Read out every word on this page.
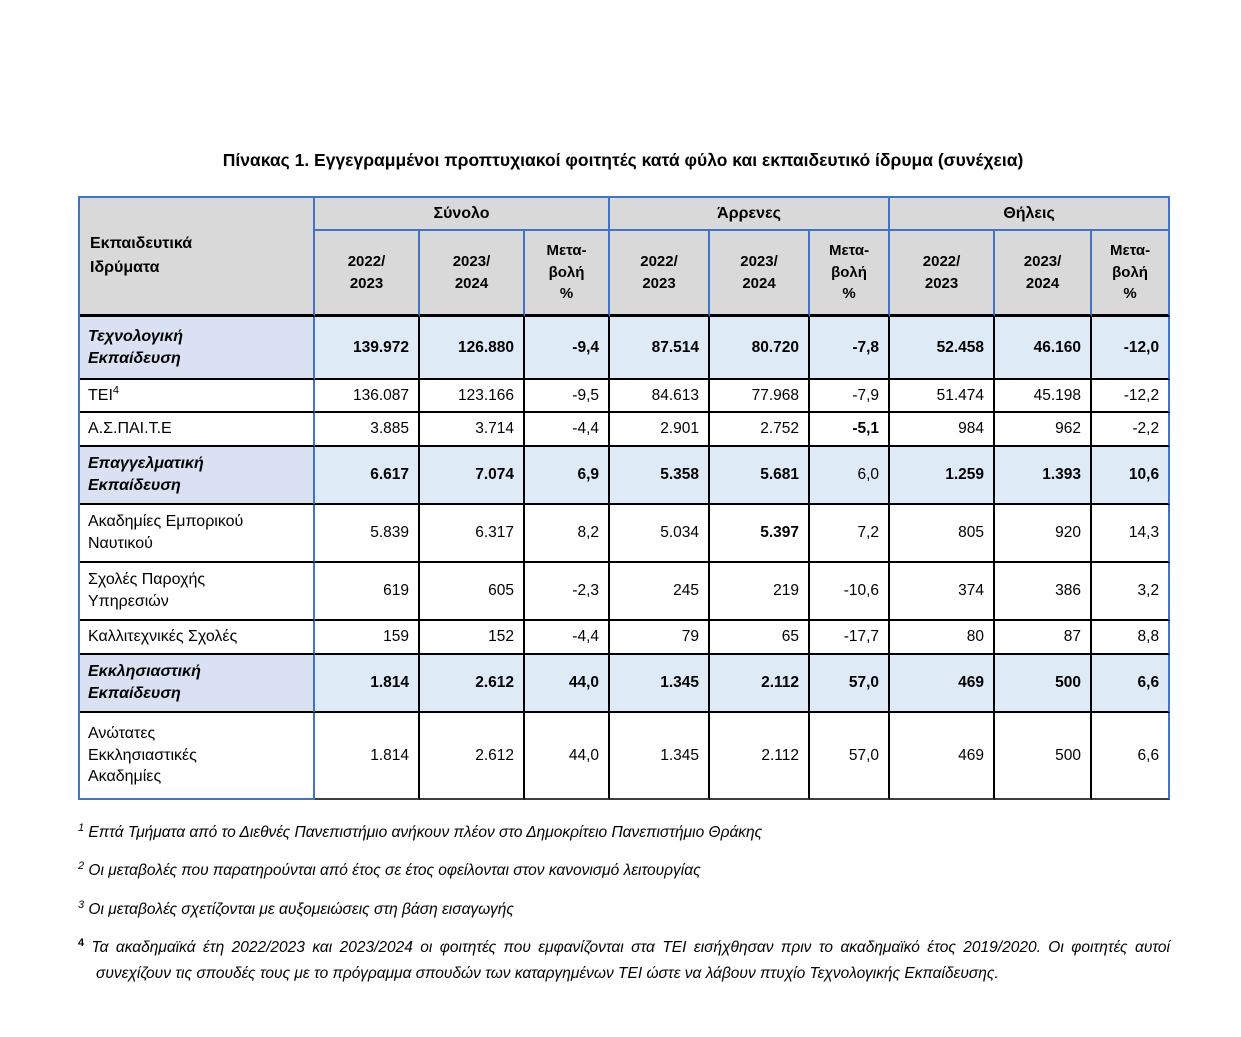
Πίνακας 1. Εγγεγραμμένοι προπτυχιακοί φοιτητές κατά φύλο και εκπαιδευτικό ίδρυμα (συνέχεια)
Εκπαιδευτικά
Ιδρύματα	Σύνολο			Άρρενες			Θήλεις		
	2022/
2023	2023/
2024	Μετα-
βολή
%	2022/
2023	2023/
2024	Μετα-
βολή
%	2022/
2023	2023/
2024	Μετα-
βολή
%
Τεχνολογική
Εκπαίδευση	139.972	126.880	-9,4	87.514	80.720	-7,8	52.458	46.160	-12,0
ΤΕΙ$^4$	136.087	123.166	-9,5	84.613	77.968	-7,9	51.474	45.198	-12,2
Α.Σ.ΠΑΙ.Τ.Ε	3.885	3.714	-4,4	2.901	2.752	-5,1	984	962	-2,2
Επαγγελματική
Εκπαίδευση	6.617	7.074	6,9	5.358	5.681	6,0	1.259	1.393	10,6
Ακαδημίες Εμπορικού
Ναυτικού	5.839	6.317	8,2	5.034	5.397	7,2	805	920	14,3
Σχολές Παροχής
Υπηρεσιών	619	605	-2,3	245	219	-10,6	374	386	3,2
Καλλιτεχνικές Σχολές	159	152	-4,4	79	65	-17,7	80	87	8,8
Εκκλησιαστική
Εκπαίδευση	1.814	2.612	44,0	1.345	2.112	57,0	469	500	6,6
Ανώτατες
Εκκλησιαστικές
Ακαδημίες	1.814	2.612	44,0	1.345	2.112	57,0	469	500	6,6
$^1$ Επτά Τμήματα από το Διεθνές Πανεπιστήμιο ανήκουν πλέον στο Δημοκρίτειο Πανεπιστήμιο Θράκης
$^2$ Οι μεταβολές που παρατηρούνται από έτος σε έτος οφείλονται στον κανονισμό λειτουργίας
$^3$ Οι μεταβολές σχετίζονται με αυξομειώσεις στη βάση εισαγωγής
$^4$ Τα ακαδημαϊκά έτη 2022/2023 και 2023/2024 οι φοιτητές που εμφανίζονται στα ΤΕΙ εισήχθησαν πριν το ακαδημαϊκό έτος 2019/2020. Οι φοιτητές αυτοί συνεχίζουν τις σπουδές τους με το πρόγραμμα σπουδών των καταργημένων ΤΕΙ ώστε να λάβουν πτυχίο Τεχνολογικής Εκπαίδευσης.
